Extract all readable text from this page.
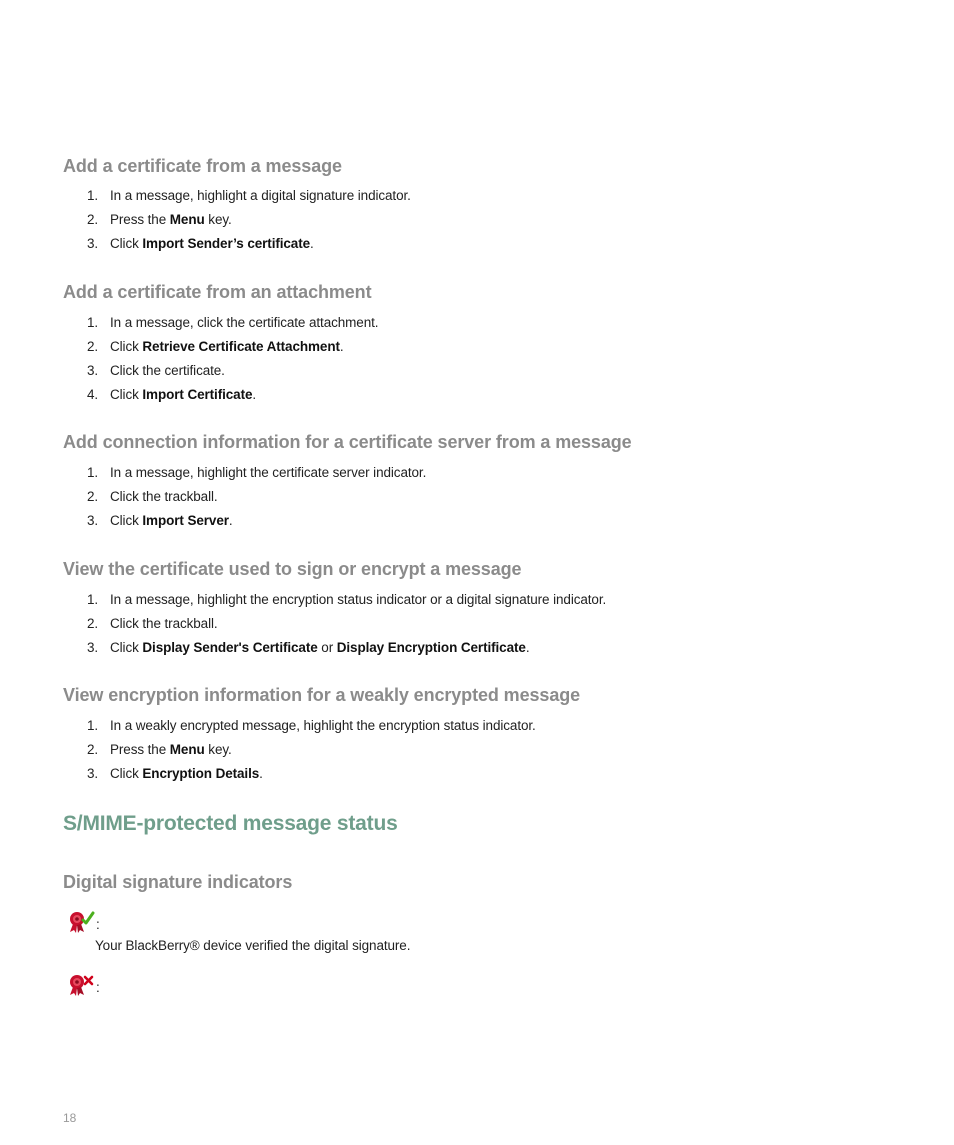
Add a certificate from a message
1. In a message, highlight a digital signature indicator.
2. Press the Menu key.
3. Click Import Sender’s certificate.
Add a certificate from an attachment
1. In a message, click the certificate attachment.
2. Click Retrieve Certificate Attachment.
3. Click the certificate.
4. Click Import Certificate.
Add connection information for a certificate server from a message
1. In a message, highlight the certificate server indicator.
2. Click the trackball.
3. Click Import Server.
View the certificate used to sign or encrypt a message
1. In a message, highlight the encryption status indicator or a digital signature indicator.
2. Click the trackball.
3. Click Display Sender's Certificate or Display Encryption Certificate.
View encryption information for a weakly encrypted message
1. In a weakly encrypted message, highlight the encryption status indicator.
2. Press the Menu key.
3. Click Encryption Details.
S/MIME-protected message status
Digital signature indicators
:
Your BlackBerry® device verified the digital signature.
:
18
